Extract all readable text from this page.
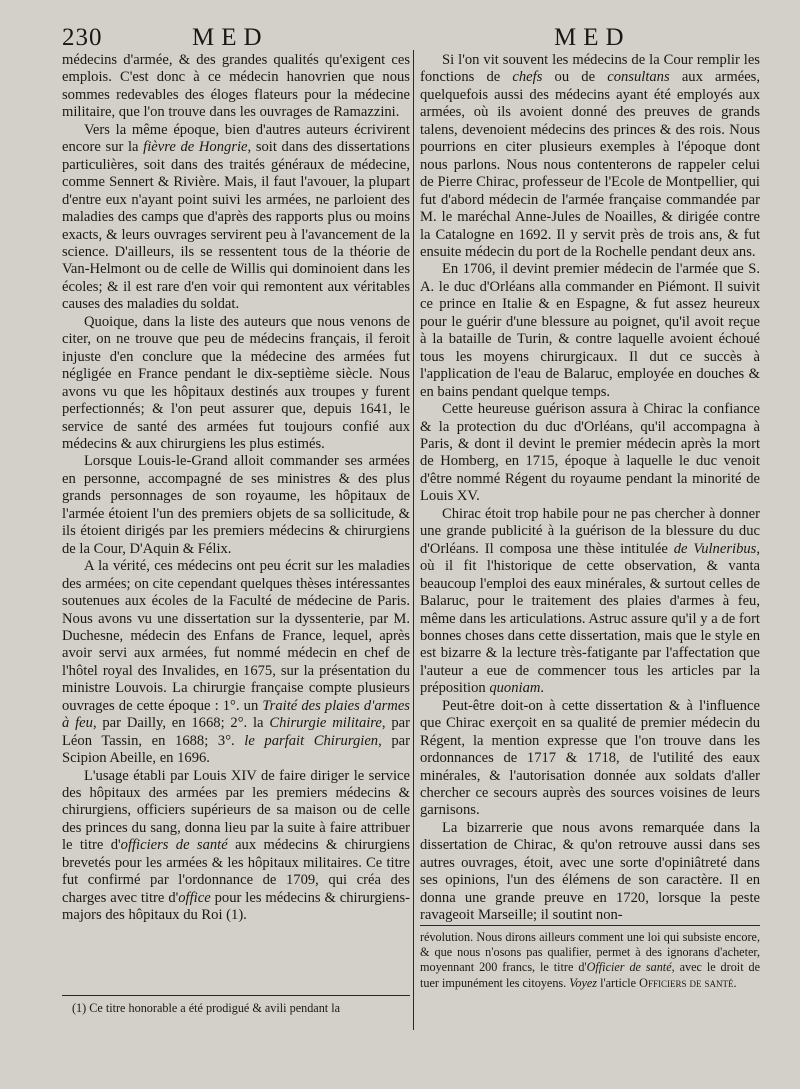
230	MED	MED

médecins d'armée, & des grandes qualités qu'exigent ces emplois. C'est donc à ce médecin hanovrien que nous sommes redevables des éloges flateurs pour la médecine militaire, que l'on trouve dans les ouvrages de Ramazzini.

Vers la même époque, bien d'autres auteurs écrivirent encore sur la fièvre de Hongrie, soit dans des dissertations particulières, soit dans des traités généraux de médecine, comme Sennert & Rivière. Mais, il faut l'avouer, la plupart d'entre eux n'ayant point suivi les armées, ne parloient des maladies des camps que d'après des rapports plus ou moins exacts, & leurs ouvrages servirent peu à l'avancement de la science. D'ailleurs, ils se ressentent tous de la théorie de Van-Helmont ou de celle de Willis qui dominoient dans les écoles; & il est rare d'en voir qui remontent aux véritables causes des maladies du soldat.

Quoique, dans la liste des auteurs que nous venons de citer, on ne trouve que peu de médecins français, il feroit injuste d'en conclure que la médecine des armées fut négligée en France pendant le dix-septième siècle. Nous avons vu que les hôpitaux destinés aux troupes y furent perfectionnés; & l'on peut assurer que, depuis 1641, le service de santé des armées fut toujours confié aux médecins & aux chirurgiens les plus estimés.

Lorsque Louis-le-Grand alloit commander ses armées en personne, accompagné de ses ministres & des plus grands personnages de son royaume, les hôpitaux de l'armée étoient l'un des premiers objets de sa sollicitude, & ils étoient dirigés par les premiers médecins & chirurgiens de la Cour, D'Aquin & Félix.

A la vérité, ces médecins ont peu écrit sur les maladies des armées; on cite cependant quelques thèses intéressantes soutenues aux écoles de la Faculté de médecine de Paris. Nous avons vu une dissertation sur la dyssenterie, par M. Duchesne, médecin des Enfans de France, lequel, après avoir servi aux armées, fut nommé médecin en chef de l'hôtel royal des Invalides, en 1675, sur la présentation du ministre Louvois. La chirurgie française compte plusieurs ouvrages de cette époque : 1°. un Traité des plaies d'armes à feu, par Dailly, en 1668; 2°. la Chirurgie militaire, par Léon Tassin, en 1688; 3°. le parfait Chirurgien, par Scipion Abeille, en 1696.

L'usage établi par Louis XIV de faire diriger le service des hôpitaux des armées par les premiers médecins & chirurgiens, officiers supérieurs de sa maison ou de celle des princes du sang, donna lieu par la suite à faire attribuer le titre d'officiers de santé aux médecins & chirurgiens brevetés pour les armées & les hôpitaux militaires. Ce titre fut confirmé par l'ordonnance de 1709, qui créa des charges avec titre d'office pour les médecins & chirurgiens-majors des hôpitaux du Roi (1).

(1) Ce titre honorable a été prodigué & avili pendant la

Si l'on vit souvent les médecins de la Cour remplir les fonctions de chefs ou de consultans aux armées, quelquefois aussi des médecins ayant été employés aux armées, où ils avoient donné des preuves de grands talens, devenoient médecins des princes & des rois. Nous pourrions en citer plusieurs exemples à l'époque dont nous parlons. Nous nous contenterons de rappeler celui de Pierre Chirac, professeur de l'Ecole de Montpellier, qui fut d'abord médecin de l'armée française commandée par M. le maréchal Anne-Jules de Noailles, & dirigée contre la Catalogne en 1692. Il y servit près de trois ans, & fut ensuite médecin du port de la Rochelle pendant deux ans.

En 1706, il devint premier médecin de l'armée que S. A. le duc d'Orléans alla commander en Piémont. Il suivit ce prince en Italie & en Espagne, & fut assez heureux pour le guérir d'une blessure au poignet, qu'il avoit reçue à la bataille de Turin, & contre laquelle avoient échoué tous les moyens chirurgicaux. Il dut ce succès à l'application de l'eau de Balaruc, employée en douches & en bains pendant quelque temps.

Cette heureuse guérison assura à Chirac la confiance & la protection du duc d'Orléans, qu'il accompagna à Paris, & dont il devint le premier médecin après la mort de Homberg, en 1715, époque à laquelle le duc venoit d'être nommé Régent du royaume pendant la minorité de Louis XV.

Chirac étoit trop habile pour ne pas chercher à donner une grande publicité à la guérison de la blessure du duc d'Orléans. Il composa une thèse intitulée de Vulneribus, où il fit l'historique de cette observation, & vanta beaucoup l'emploi des eaux minérales, & surtout celles de Balaruc, pour le traitement des plaies d'armes à feu, même dans les articulations. Astruc assure qu'il y a de fort bonnes choses dans cette dissertation, mais que le style en est bizarre & la lecture très-fatigante par l'affectation que l'auteur a eue de commencer tous les articles par la préposition quoniam.

Peut-être doit-on à cette dissertation & à l'influence que Chirac exerçoit en sa qualité de premier médecin du Régent, la mention expresse que l'on trouve dans les ordonnances de 1717 & 1718, de l'utilité des eaux minérales, & l'autorisation donnée aux soldats d'aller chercher ce secours auprès des sources voisines de leurs garnisons.

La bizarrerie que nous avons remarquée dans la dissertation de Chirac, & qu'on retrouve aussi dans ses autres ouvrages, étoit, avec une sorte d'opiniâtreté dans ses opinions, l'un des élémens de son caractère. Il en donna une grande preuve en 1720, lorsque la peste ravageoit Marseille; il soutint non-

révolution. Nous dirons ailleurs comment une loi qui subsiste encore, & que nous n'osons pas qualifier, permet à des ignorans d'acheter, moyennant 200 francs, le titre d'Officier de santé, avec le droit de tuer impunément les citoyens. Voyez l'article Officiers de santé.
